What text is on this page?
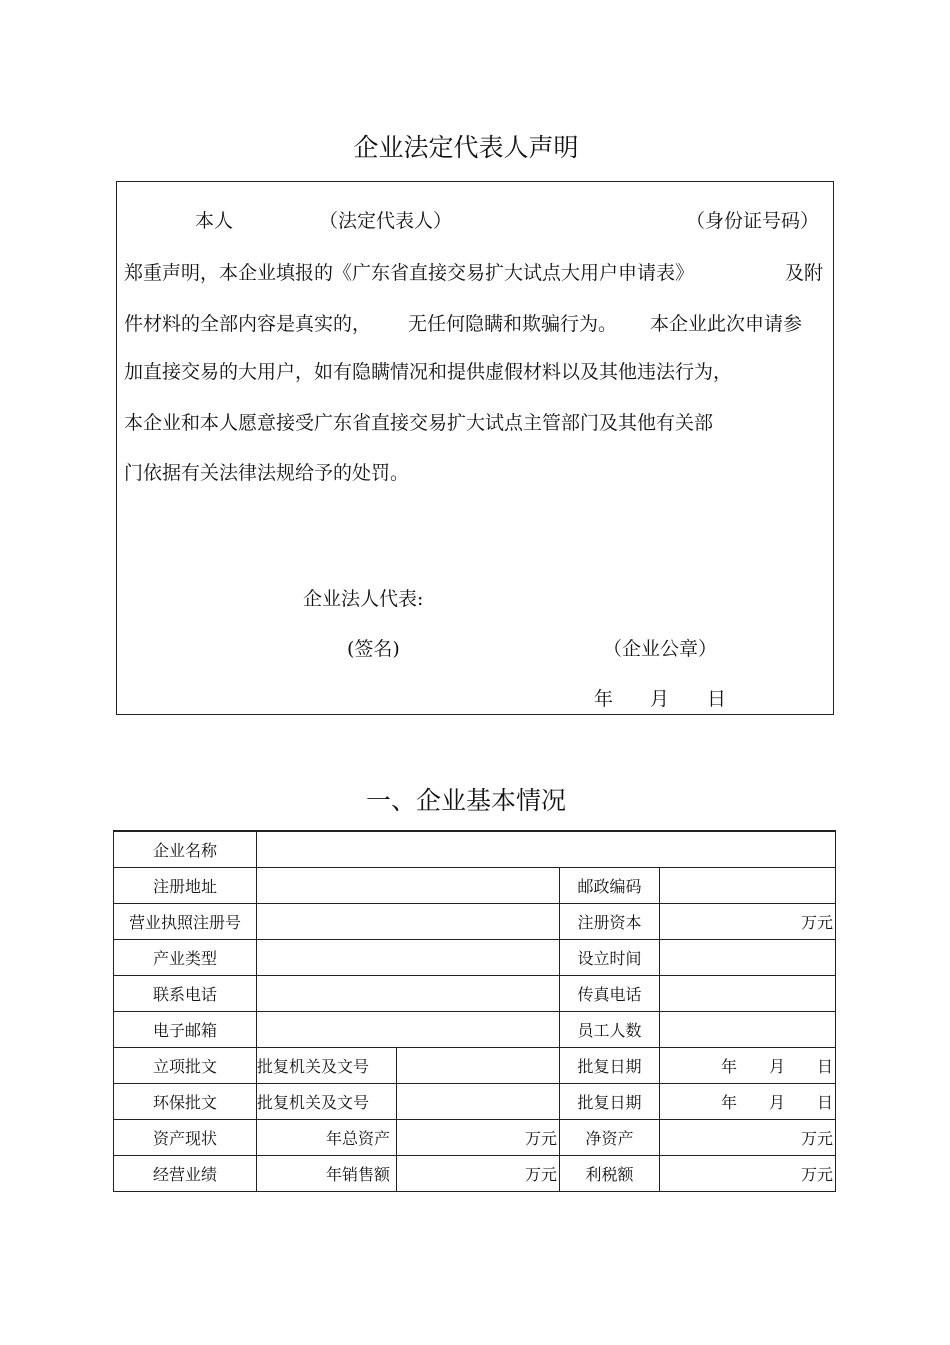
企业法定代表人声明
本人	（法定代表人）	（身份证号码）
郑重声明，本企业填报的《广东省直接交易扩大试点大用户申请表》	及附
件材料的全部内容是真实的， 无任何隐瞒和欺骗行为。 本企业此次申请参
加直接交易的大用户，如有隐瞒情况和提供虚假材料以及其他违法行为，
本企业和本人愿意接受广东省直接交易扩大试点主管部门及其他有关部
门依据有关法律法规给予的处罚。
企业法人代表:
(签名)	（企业公章）
年 月 日
一、企业基本情况
企业名称				
注册地址			邮政编码	
营业执照注册号			注册资本	万元
产业类型			设立时间	
联系电话			传真电话	
电子邮箱			员工人数	
立项批文	批复机关及文号		批复日期	年 月 日
环保批文	批复机关及文号		批复日期	年 月 日
资产现状	年总资产	万元	净资产	万元
经营业绩	年销售额	万元	利税额	万元
